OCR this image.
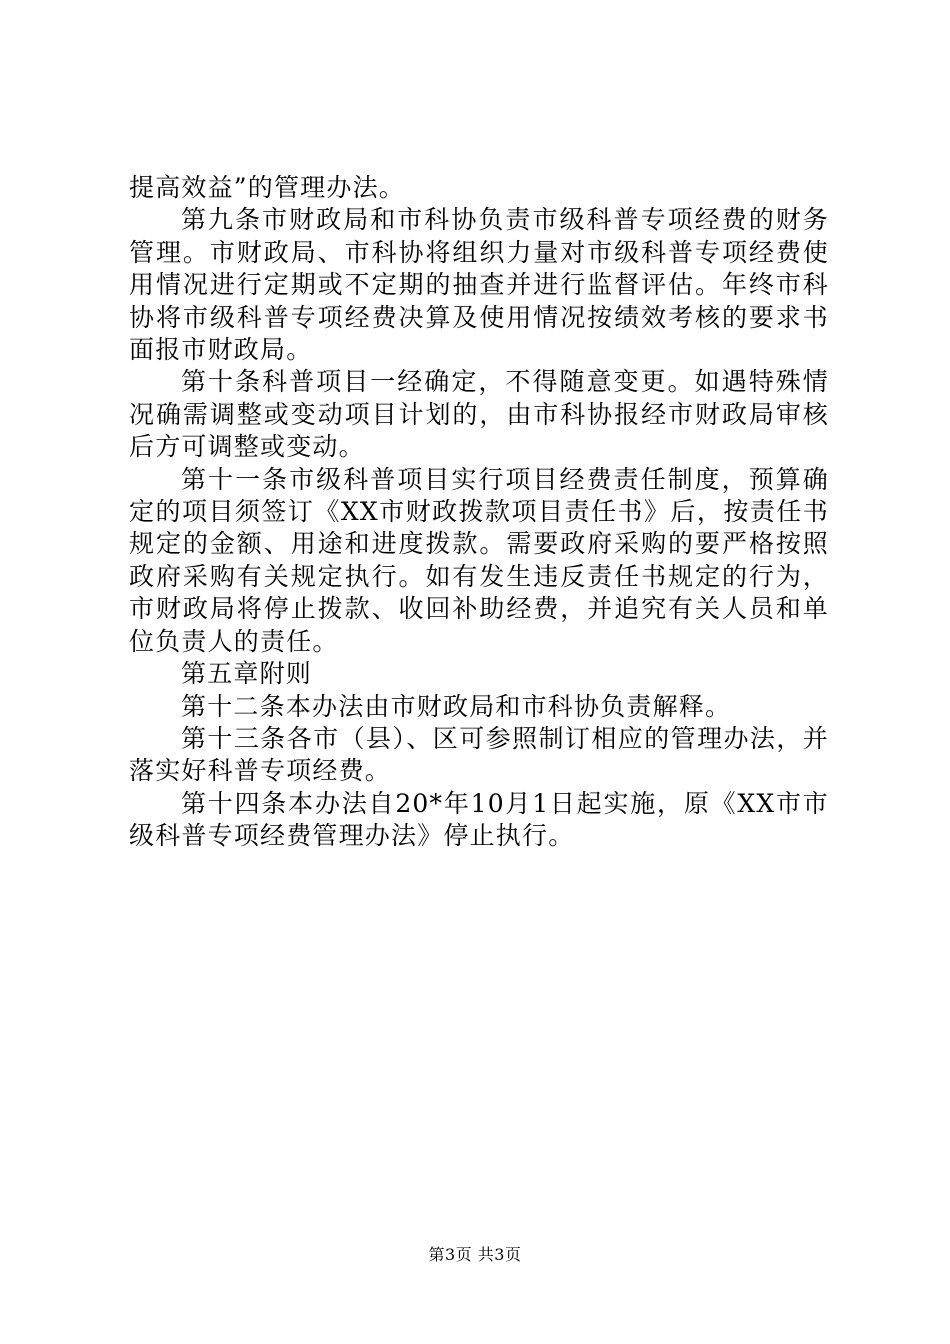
提高效益”的管理办法。

第九条市财政局和市科协负责市级科普专项经费的财务管理。市财政局、市科协将组织力量对市级科普专项经费使用情况进行定期或不定期的抽查并进行监督评估。年终市科协将市级科普专项经费决算及使用情况按绩效考核的要求书面报市财政局。

第十条科普项目一经确定，不得随意变更。如遇特殊情况确需调整或变动项目计划的，由市科协报经市财政局审核后方可调整或变动。

第十一条市级科普项目实行项目经费责任制度，预算确定的项目须签订《XX市财政拨款项目责任书》后，按责任书规定的金额、用途和进度拨款。需要政府采购的要严格按照政府采购有关规定执行。如有发生违反责任书规定的行为，市财政局将停止拨款、收回补助经费，并追究有关人员和单位负责人的责任。

第五章附则

第十二条本办法由市财政局和市科协负责解释。

第十三条各市（县）、区可参照制订相应的管理办法，并落实好科普专项经费。

第十四条本办法自20*年10月1日起实施，原《XX市市级科普专项经费管理办法》停止执行。

第3页 共3页
